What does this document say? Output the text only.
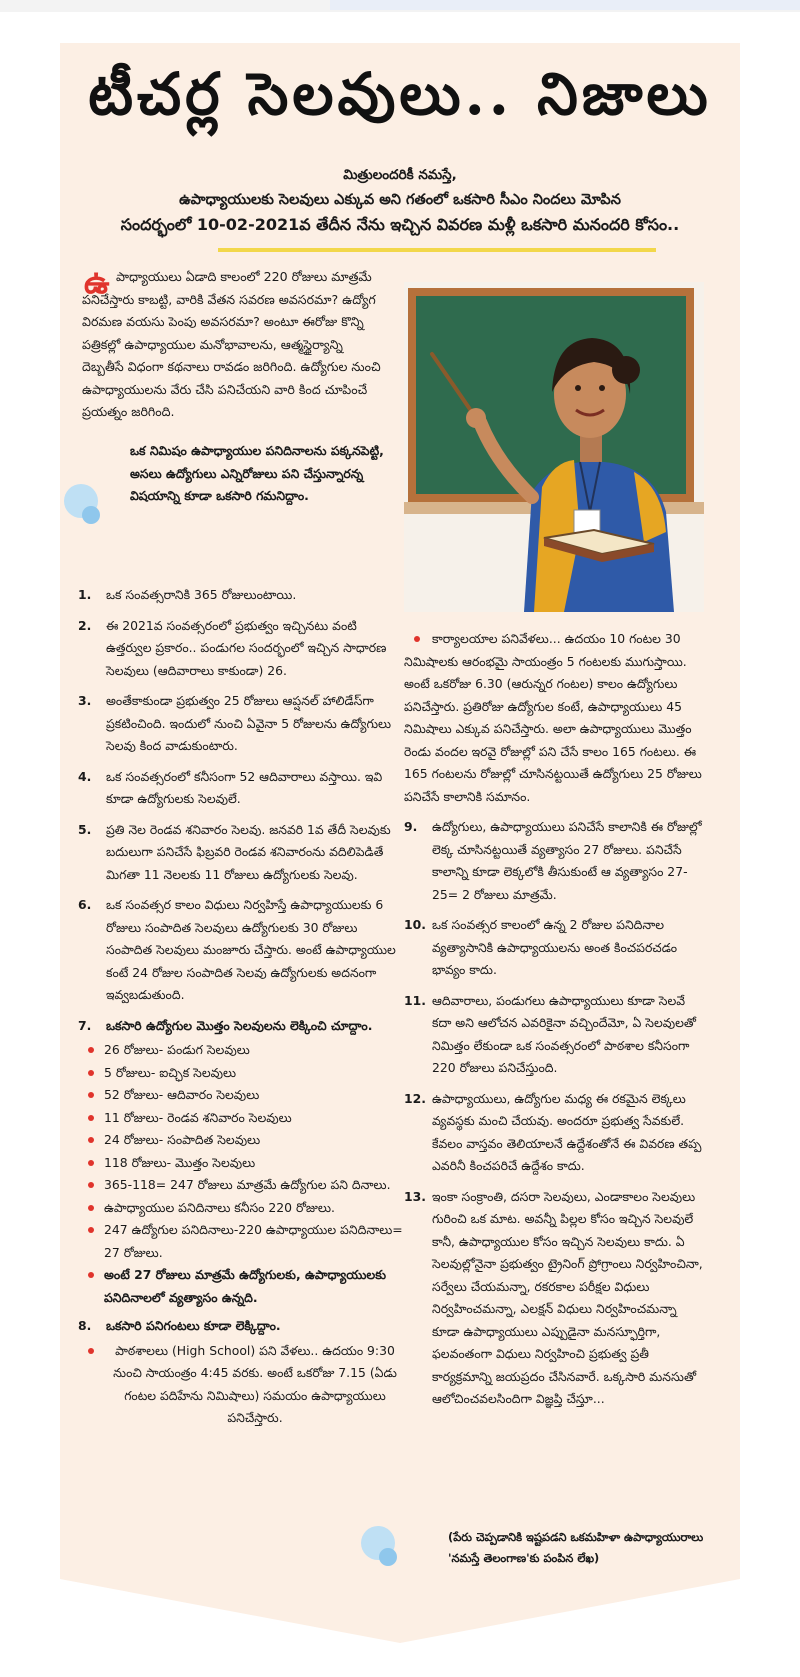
టీచర్ల సెలవులు.. నిజాలు
మిత్రులందరికీ నమస్తే,
ఉపాధ్యాయులకు సెలవులు ఎక్కువ అని గతంలో ఒకసారి సీఎం నిందలు మోపిన
సందర్భంలో 10-02-2021వ తేదీన నేను ఇచ్చిన వివరణ మళ్లీ ఒకసారి మనందరి కోసం..
ఉ పాధ్యాయులు ఏడాది కాలంలో 220 రోజులు మాత్రమే పనిచేస్తారు కాబట్టి, వారికి వేతన సవరణ అవసరమా? ఉద్యోగ విరమణ వయసు పెంపు అవసరమా? అంటూ ఈరోజు కొన్ని పత్రికల్లో ఉపాధ్యాయుల మనోభావాలను, ఆత్మస్థైర్యాన్ని దెబ్బతీసే విధంగా కథనాలు రావడం జరిగింది. ఉద్యోగుల నుంచి ఉపాధ్యాయులను వేరు చేసి పనిచేయని వారి కింద చూపించే ప్రయత్నం జరిగింది.

ఒక నిమిషం ఉపాధ్యాయుల పనిదినాలను పక్కనపెట్టి, అసలు ఉద్యోగులు ఎన్నిరోజులు పని చేస్తున్నారన్న విషయాన్ని కూడా ఒకసారి గమనిద్దాం.

1. ఒక సంవత్సరానికి 365 రోజులుంటాయి.
2. ఈ 2021వ సంవత్సరంలో ప్రభుత్వం ఇచ్చినటు వంటి ఉత్తర్వుల ప్రకారం.. పండుగల సందర్భంలో ఇచ్చిన సాధారణ సెలవులు (ఆదివారాలు కాకుండా) 26.
3. అంతేకాకుండా ప్రభుత్వం 25 రోజులు ఆప్షనల్ హాలిడేస్‌గా ప్రకటించింది. ఇందులో నుంచి ఏవైనా 5 రోజులను ఉద్యోగులు సెలవు కింద వాడుకుంటారు.
4. ఒక సంవత్సరంలో కనీసంగా 52 ఆదివారాలు వస్తాయి. ఇవి కూడా ఉద్యోగులకు సెలవులే.
5. ప్రతి నెల రెండవ శనివారం సెలవు. జనవరి 1వ తేదీ సెలవుకు బదులుగా పనిచేసే ఫిబ్రవరి రెండవ శనివారంను వదిలిపెడితే మిగతా 11 నెలలకు 11 రోజులు ఉద్యోగులకు సెలవు.
6. ఒక సంవత్సర కాలం విధులు నిర్వహిస్తే ఉపాధ్యాయులకు 6 రోజులు సంపాదిత సెలవులు ఉద్యోగులకు 30 రోజులు సంపాదిత సెలవులు మంజూరు చేస్తారు. అంటే ఉపాధ్యాయుల కంటే 24 రోజుల సంపాదిత సెలవు ఉద్యోగులకు అదనంగా ఇవ్వబడుతుంది.
7. ఒకసారి ఉద్యోగుల మొత్తం సెలవులను లెక్కించి చూద్దాం.
26 రోజులు- పండుగ సెలవులు
5 రోజులు- ఐచ్ఛిక సెలవులు
52 రోజులు- ఆదివారం సెలవులు
11 రోజులు- రెండవ శనివారం సెలవులు
24 రోజులు- సంపాదిత సెలవులు
118 రోజులు- మొత్తం సెలవులు
365-118= 247 రోజులు మాత్రమే ఉద్యోగుల పని దినాలు.
ఉపాధ్యాయుల పనిదినాలు కనీసం 220 రోజులు.
247 ఉద్యోగుల పనిదినాలు-220 ఉపాధ్యాయుల పనిదినాలు= 27 రోజులు.
అంటే 27 రోజులు మాత్రమే ఉద్యోగులకు, ఉపాధ్యాయులకు పనిదినాలలో వ్యత్యాసం ఉన్నది.
8. ఒకసారి పనిగంటలు కూడా లెక్కిద్దాం.
పాఠశాలలు (High School) పని వేళలు.. ఉదయం 9:30 నుంచి సాయంత్రం 4:45 వరకు. అంటే ఒకరోజు 7.15 (ఏడు గంటల పదిహేను నిమిషాలు) సమయం ఉపాధ్యాయులు పనిచేస్తారు.
కార్యాలయాల పనివేళలు... ఉదయం 10 గంటల 30 నిమిషాలకు ఆరంభమై సాయంత్రం 5 గంటలకు ముగుస్తాయి. అంటే ఒకరోజు 6.30 (ఆరున్నర గంటల) కాలం ఉద్యోగులు పనిచేస్తారు. ప్రతిరోజు ఉద్యోగుల కంటే, ఉపాధ్యాయులు 45 నిమిషాలు ఎక్కువ పనిచేస్తారు. అలా ఉపాధ్యాయులు మొత్తం రెండు వందల ఇరవై రోజుల్లో పని చేసే కాలం 165 గంటలు. ఈ 165 గంటలను రోజుల్లో చూసినట్టయితే ఉద్యోగులు 25 రోజులు పనిచేసే కాలానికి సమానం.
9. ఉద్యోగులు, ఉపాధ్యాయులు పనిచేసే కాలానికి ఈ రోజుల్లో లెక్క చూసినట్టయితే వ్యత్యాసం 27 రోజులు. పనిచేసే కాలాన్ని కూడా లెక్కలోకి తీసుకుంటే ఆ వ్యత్యాసం 27-25= 2 రోజులు మాత్రమే.
10. ఒక సంవత్సర కాలంలో ఉన్న 2 రోజుల పనిదినాల వ్యత్యాసానికి ఉపాధ్యాయులను అంత కించపరచడం భావ్యం కాదు.
11. ఆదివారాలు, పండుగలు ఉపాధ్యాయులు కూడా సెలవే కదా అని ఆలోచన ఎవరికైనా వచ్చిందేమో, ఏ సెలవులతో నిమిత్తం లేకుండా ఒక సంవత్సరంలో పాఠశాల కనీసంగా 220 రోజులు పనిచేస్తుంది.
12. ఉపాధ్యాయులు, ఉద్యోగుల మధ్య ఈ రకమైన లెక్కలు వ్యవస్థకు మంచి చేయవు. అందరూ ప్రభుత్వ సేవకులే. కేవలం వాస్తవం తెలియాలనే ఉద్దేశంతోనే ఈ వివరణ తప్ప ఎవరినీ కించపరిచే ఉద్దేశం కాదు.
13. ఇంకా సంక్రాంతి, దసరా సెలవులు, ఎండాకాలం సెలవులు గురించి ఒక మాట. అవన్నీ పిల్లల కోసం ఇచ్చిన సెలవులే కానీ, ఉపాధ్యాయుల కోసం ఇచ్చిన సెలవులు కాదు. ఏ సెలవుల్లోనైనా ప్రభుత్వం ట్రైనింగ్ ప్రోగ్రాంలు నిర్వహించినా, సర్వేలు చేయమన్నా, రకరకాల పరీక్షల విధులు నిర్వహించమన్నా, ఎలక్షన్ విధులు నిర్వహించమన్నా కూడా ఉపాధ్యాయులు ఎప్పుడైనా మనస్ఫూర్తిగా, ఫలవంతంగా విధులు నిర్వహించి ప్రభుత్వ ప్రతీ కార్యక్రమాన్ని జయప్రదం చేసినవారే. ఒక్కసారి మనసుతో ఆలోచించవలసిందిగా విజ్ఞప్తి చేస్తూ...

(పేరు చెప్పడానికి ఇష్టపడని ఒకమహిళా ఉపాధ్యాయురాలు 'నమస్తే తెలంగాణ'కు పంపిన లేఖ)
